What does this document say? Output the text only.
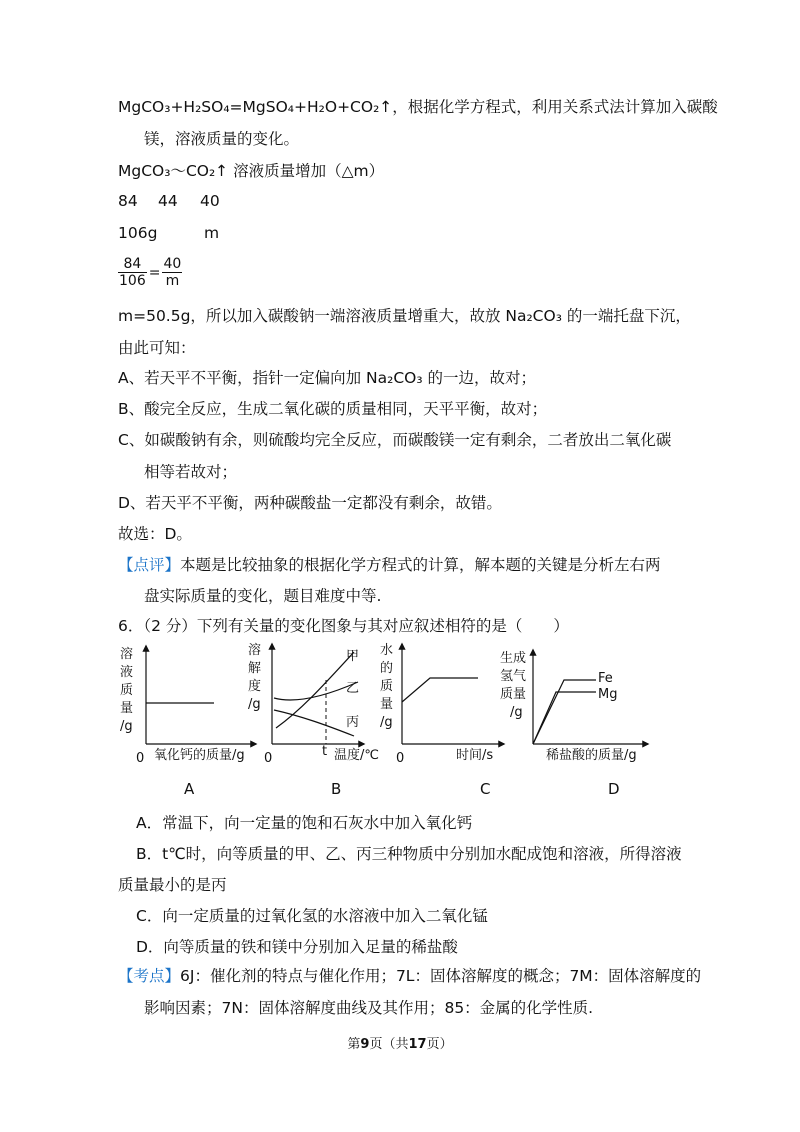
MgCO₃+H₂SO₄=MgSO₄+H₂O+CO₂↑，根据化学方程式，利用关系式法计算加入碳酸
镁，溶液质量的变化。
MgCO₃～CO₂↑ 溶液质量增加（△m）
84 44 40
106g	m
$\frac{84}{106} = \frac{40}{m}$
m=50.5g，所以加入碳酸钠一端溶液质量增重大，故放 Na₂CO₃ 的一端托盘下沉，
由此可知：
A、若天平不平衡，指针一定偏向加 Na₂CO₃ 的一边，故对；
B、酸完全反应，生成二氧化碳的质量相同，天平平衡，故对；
C、如碳酸钠有余，则硫酸均完全反应，而碳酸镁一定有剩余，二者放出二氧化碳
相等若故对；
D、若天平不平衡，两种碳酸盐一定都没有剩余，故错。
故选：D。
【点评】本题是比较抽象的根据化学方程式的计算，解本题的关键是分析左右两
盘实际质量的变化，题目难度中等.
6．（2 分）下列有关量的变化图象与其对应叙述相符的是（　　）
溶
液
质
量
/g
0 氧化钙的质量/g
A
溶
解
度
/g
甲
乙
丙
0	t 温度/℃
B
水
的
质
量
/g
0	时间/s
C
生成
氢气
质量
/g
Fe
Mg
稀盐酸的质量/g
D
A．常温下，向一定量的饱和石灰水中加入氧化钙
B．t℃时，向等质量的甲、乙、丙三种物质中分别加水配成饱和溶液，所得溶液
质量最小的是丙
C．向一定质量的过氧化氢的水溶液中加入二氧化锰
D．向等质量的铁和镁中分别加入足量的稀盐酸
【考点】6J：催化剂的特点与催化作用；7L：固体溶解度的概念；7M：固体溶解度的
影响因素；7N：固体溶解度曲线及其作用；85：金属的化学性质.
第9页（共17页）
